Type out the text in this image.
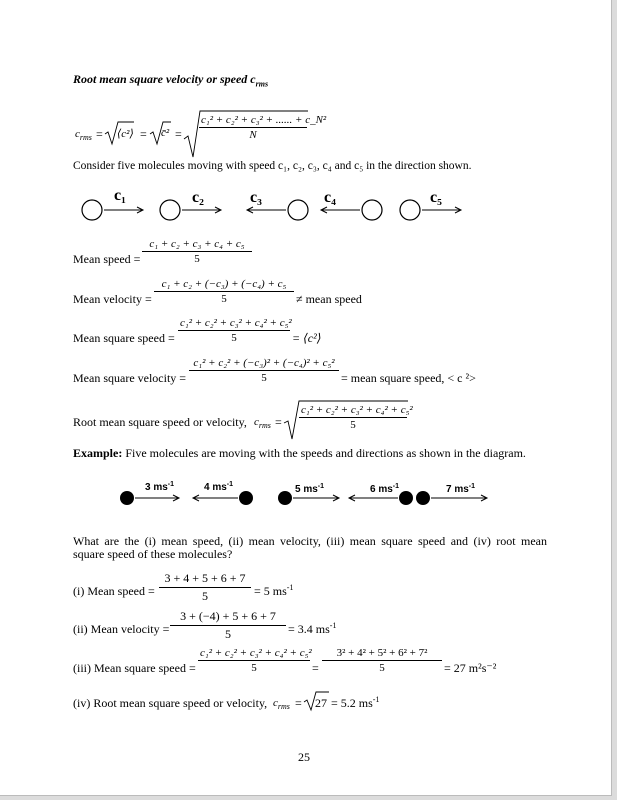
Root mean square velocity or speed $c_{rms}$
$c_{rms}$ = ⟨c²⟩ = c̄² = $\frac{\text{c₁² + c₂² + c₃² + ...... + c\_N²}}{N}$
Consider five molecules moving with speed c₁, c₂, c₃, c₄ and c₅ in the direction shown.
c₁	c₂	c₃	c₄	c₅
Mean speed = $\frac{\text{c₁ + c₂ + c₃ + c₄ + c₅}}{5}$
Mean velocity = $\frac{\text{c₁ + c₂ + (−c₃) + (−c₄) + c₅}}{5}$ ≠ mean speed
Mean square speed = $\frac{\text{c₁² + c₂² + c₃² + c₄² + c₅²}}{5}$ = ⟨c²⟩
Mean square velocity = $\frac{\text{c₁² + c₂² + (−c₃)² + (−c₄)² + c₅²}}{5}$ = mean square speed, < c ²>
Root mean square speed or velocity, $c_{rms} = \frac{\text{c₁² + c₂² + c₃² + c₄² + c₅²}}{5}$
Example: Five molecules are moving with the speeds and directions as shown in the diagram.
3 $ms^{-1}$	4 $ms^{-1}$	5 $ms^{-1}$	6 $ms^{-1}$	7 $ms^{-1}$
What are the (i) mean speed, (ii) mean velocity, (iii) mean square speed and (iv) root mean
square speed of these molecules?
(i) Mean speed = $\frac{3 + 4 + 5 + 6 + 7}{5} = 5$ $ms^{-1}$
(ii) Mean velocity = $\frac{3 + (-4) + 5 + 6 + 7}{5} = 3.4$ $ms^{-1}$
(iii) Mean square speed = $\frac{\text{c₁² + c₂² + c₃² + c₄² + c₅²}}{5} = \frac{\text{3² + 4² + 5² + 6² + 7²}}{5} = 27$ m²s⁻²
(iv) Root mean square speed or velocity, $c_{rms} = 27 = 5.2$ $ms^{-1}$
25
